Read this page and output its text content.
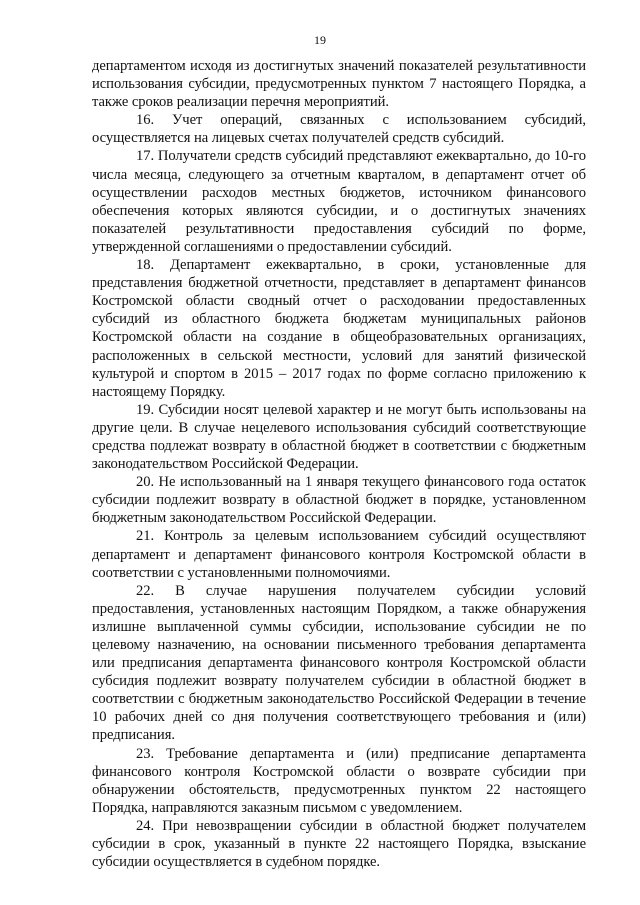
19

департаментом исходя из достигнутых значений показателей результативности использования субсидии, предусмотренных пунктом 7 настоящего Порядка, а также сроков реализации перечня мероприятий.

16. Учет операций, связанных с использованием субсидий, осуществляется на лицевых счетах получателей средств субсидий.

17. Получатели средств субсидий представляют ежеквартально, до 10-го числа месяца, следующего за отчетным кварталом, в департамент отчет об осуществлении расходов местных бюджетов, источником финансового обеспечения которых являются субсидии, и о достигнутых значениях показателей результативности предоставления субсидий по форме, утвержденной соглашениями о предоставлении субсидий.

18. Департамент ежеквартально, в сроки, установленные для представления бюджетной отчетности, представляет в департамент финансов Костромской области сводный отчет о расходовании предоставленных субсидий из областного бюджета бюджетам муниципальных районов Костромской области на создание в общеобразовательных организациях, расположенных в сельской местности, условий для занятий физической культурой и спортом в 2015 – 2017 годах по форме согласно приложению к настоящему Порядку.

19. Субсидии носят целевой характер и не могут быть использованы на другие цели. В случае нецелевого использования субсидий соответствующие средства подлежат возврату в областной бюджет в соответствии с бюджетным законодательством Российской Федерации.

20. Не использованный на 1 января текущего финансового года остаток субсидии подлежит возврату в областной бюджет в порядке, установленном бюджетным законодательством Российской Федерации.

21. Контроль за целевым использованием субсидий осуществляют департамент и департамент финансового контроля Костромской области в соответствии с установленными полномочиями.

22. В случае нарушения получателем субсидии условий предоставления, установленных настоящим Порядком, а также обнаружения излишне выплаченной суммы субсидии, использование субсидии не по целевому назначению, на основании письменного требования департамента или предписания департамента финансового контроля Костромской области субсидия подлежит возврату получателем субсидии в областной бюджет в соответствии с бюджетным законодательство Российской Федерации в течение 10 рабочих дней со дня получения соответствующего требования и (или) предписания.

23. Требование департамента и (или) предписание департамента финансового контроля Костромской области о возврате субсидии при обнаружении обстоятельств, предусмотренных пунктом 22 настоящего Порядка, направляются заказным письмом с уведомлением.

24. При невозвращении субсидии в областной бюджет получателем субсидии в срок, указанный в пункте 22 настоящего Порядка, взыскание субсидии осуществляется в судебном порядке.
